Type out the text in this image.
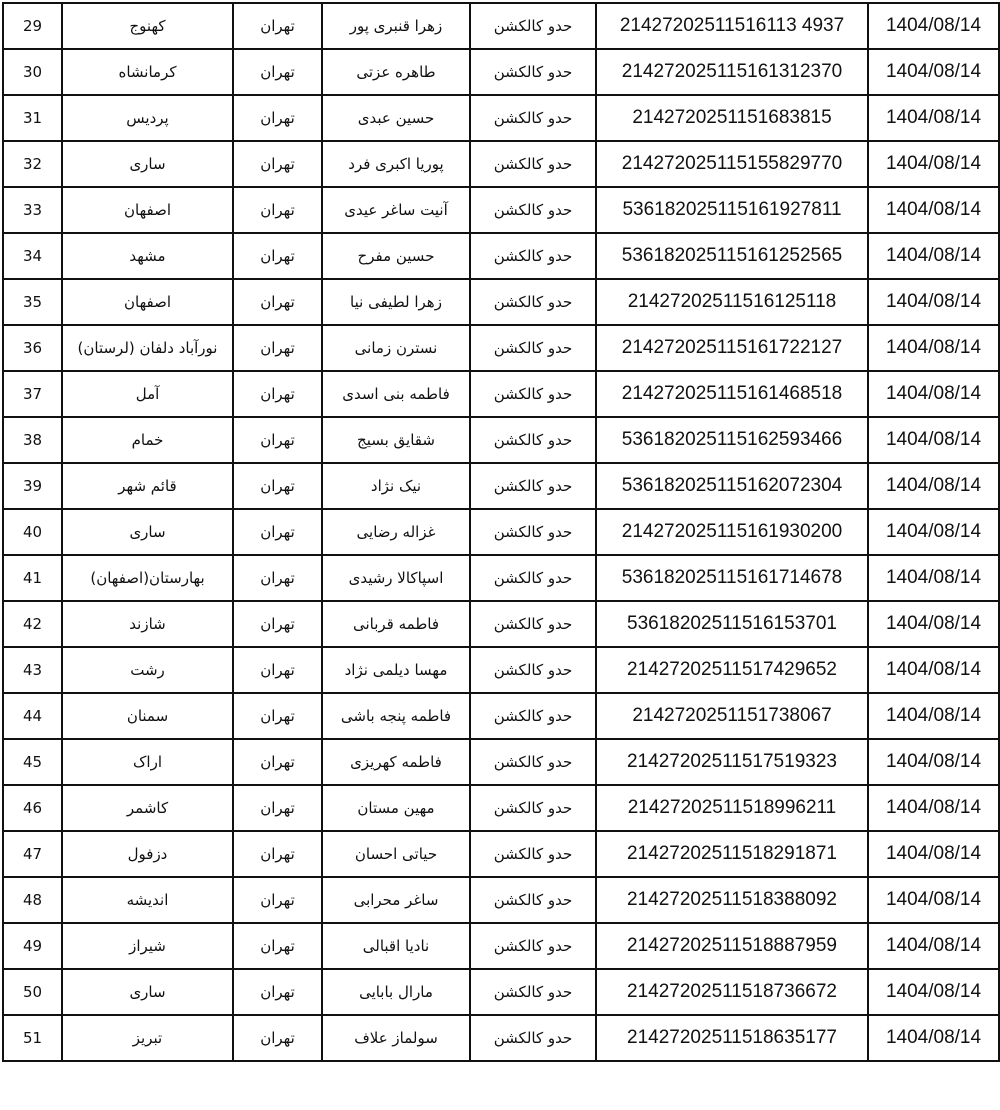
29	کهنوج	تهران	زهرا قنبری پور	حدو کالکشن	21427202511516113 4937	1404/08/14
30	کرمانشاه	تهران	طاهره عزتی	حدو کالکشن	214272025115161312370	1404/08/14
31	پردیس	تهران	حسین عبدی	حدو کالکشن	2142720251151683815	1404/08/14
32	ساری	تهران	پوریا اکبری فرد	حدو کالکشن	214272025115155829770	1404/08/14
33	اصفهان	تهران	آنیت ساغر عیدی	حدو کالکشن	536182025115161927811	1404/08/14
34	مشهد	تهران	حسین مفرح	حدو کالکشن	536182025115161252565	1404/08/14
35	اصفهان	تهران	زهرا لطیفی نیا	حدو کالکشن	21427202511516125118	1404/08/14
36	نورآباد دلفان (لرستان)	تهران	نسترن زمانی	حدو کالکشن	214272025115161722127	1404/08/14
37	آمل	تهران	فاطمه بنی اسدی	حدو کالکشن	214272025115161468518	1404/08/14
38	خمام	تهران	شقایق بسیج	حدو کالکشن	536182025115162593466	1404/08/14
39	قائم شهر	تهران	نیک نژاد	حدو کالکشن	536182025115162072304	1404/08/14
40	ساری	تهران	غزاله رضایی	حدو کالکشن	214272025115161930200	1404/08/14
41	بهارستان(اصفهان)	تهران	اسپاکالا رشیدی	حدو کالکشن	536182025115161714678	1404/08/14
42	شازند	تهران	فاطمه قربانی	حدو کالکشن	53618202511516153701	1404/08/14
43	رشت	تهران	مهسا دیلمی نژاد	حدو کالکشن	21427202511517429652	1404/08/14
44	سمنان	تهران	فاطمه پنجه باشی	حدو کالکشن	2142720251151738067	1404/08/14
45	اراک	تهران	فاطمه کهریزی	حدو کالکشن	21427202511517519323	1404/08/14
46	کاشمر	تهران	مهین مستان	حدو کالکشن	21427202511518996211	1404/08/14
47	دزفول	تهران	حیاتی احسان	حدو کالکشن	21427202511518291871	1404/08/14
48	اندیشه	تهران	ساغر محرابی	حدو کالکشن	21427202511518388092	1404/08/14
49	شیراز	تهران	نادیا اقبالی	حدو کالکشن	21427202511518887959	1404/08/14
50	ساری	تهران	مارال بابایی	حدو کالکشن	21427202511518736672	1404/08/14
51	تبریز	تهران	سولماز علاف	حدو کالکشن	21427202511518635177	1404/08/14
